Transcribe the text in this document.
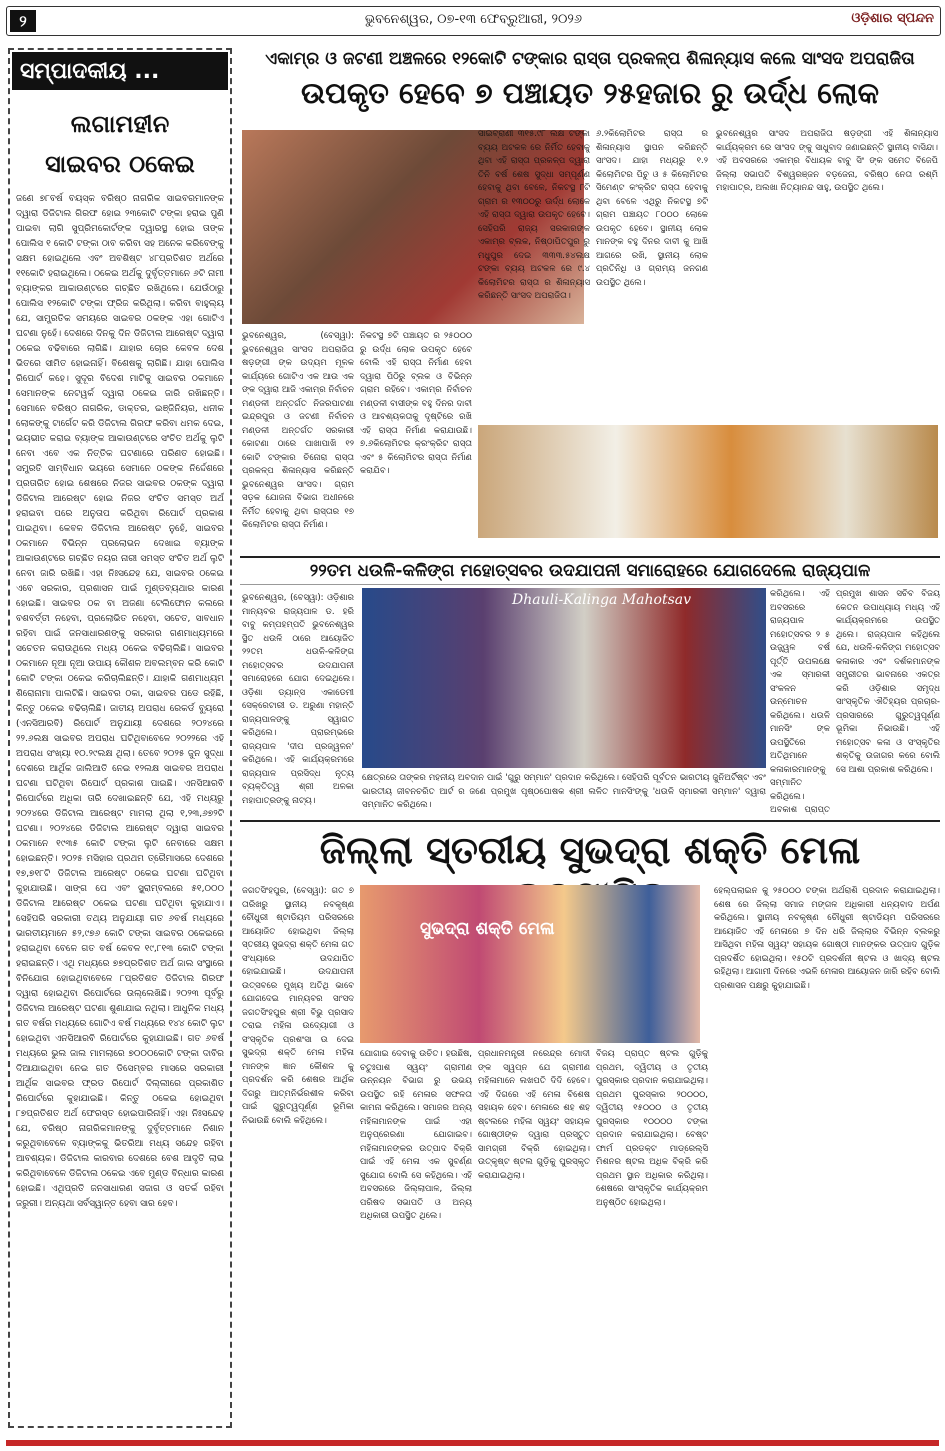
୨	ଭୁବନେଶ୍ୱର, ୦୭-୧୩ ଫେବ୍ରୁଆରୀ, ୨୦୨୬	ଓଡ଼ିଶାର ସ୍ପନ୍ଦନ
ସମ୍ପାଦକୀୟ ...
ଲଗାମହୀନ
ସାଇବର ଠକେଇ
ଜଣେ ୭୮ବର୍ଷ ବୟସ୍କ ବରିଷ୍ଠ ନାଗରିକ ସାଇବରମାନଙ୍କ ଦ୍ୱାରା ଡିଜିଟାଲ ଗିରଫ ହୋଇ ୨୩କୋଟି ଟଙ୍କା ହରାଇ ପୁଣି ପାଇବା ଲାଗି ସୁପ୍ରିମକୋର୍ଟଙ୍କ ଦ୍ୱାରସ୍ଥ ହୋଇ ତାଙ୍କ ପୋଲିସ ୧ କୋଟି ଟଙ୍କା ଠାବ କରିବା ସହ ଅନେକ କରିବେଙ୍କୁ ସକ୍ଷମ ହୋଇଥିଲେ ଏବଂ ଅବଶିଷ୍ଟ ୪୮ପ୍ରତିଶତ ଅର୍ଥରେ ୧୧କୋଟି ହରାଇଥିଲେ। ଠକେଇ ଅର୍ଥକୁ ଦୁର୍ବୃତ୍ତମାନେ ୬ଟି ନାମୀ ବ୍ୟାଙ୍କର ଆକାଉଣ୍ଟରେ ଗଚ୍ଛିତ ରଖିଥିଲେ। ଯେଉଁଠାରୁ ପୋଲିସ ୧୨କୋଟି ଟଙ୍କା ଫ୍ରିଜ କରିଥିଲା। କରିବା ବାହୁଲ୍ୟ ଯେ, ସାମ୍ପ୍ରତିକ ସମୟରେ ସାଇବର ଠକଙ୍କ ଏହା ଗୋଟିଏ ଘଟଣା ନୁହେଁ। ଦେଶରେ ଦିନକୁ ଦିନ ଡିଜିଟାଲ ଆରେଷ୍ଟ ଦ୍ୱାରା ଠକେଇ ବଢିବାରେ ଲାଗିଛି। ଯାହାର ଚୋର କେବଳ ଦେଶ ଭିତରେ ସୀମିତ ହୋଇନାହିଁ। ବିଶେଷକୁ ଲାଗିଛି। ଯାହା ପୋଲିସ ରିପୋର୍ଟ କହେ। ସୁଦୂର ବିଦେଶ ମାଟିକୁ ସାଇବର ଠକମାନେ ସେମାନଙ୍କ ନେଟୱର୍କ ଦ୍ୱାରା ଠକେଇ ଜାରି ରଖିଛନ୍ତି। ସେମାନେ ବରିଷ୍ଠ ନାଗରିକ, ଡାକ୍ତର, ଇଞ୍ଜିନିୟର, ଧନୀକ ଲୋକଙ୍କୁ ଟାର୍ଗେଟ କରି ଡିଜିଟାଲ ଗିରଫ କରିବା ଧମକ ଦେଇ, ଭୟଭୀତ କରାଇ ବ୍ୟାଙ୍କ ଆକାଉଣ୍ଟରେ ସଂଚିତ ଅର୍ଥକୁ ଲୁଟି ନେବା ଏବେ ଏକ ନିତ୍ତିକ ଘଟଣାରେ ପରିଣତ ହୋଇଛି। ସମ୍ପ୍ରତି ସାମ୍ବିଧାନ ଭୟରେ ସେମାନେ ଠକଙ୍କ ନିର୍ଦ୍ଦେଶରେ ପ୍ରତାରିତ ହୋଇ ଶେଷରେ ନିଜର ସାଇବର ଠକଙ୍କ ଦ୍ୱାରା ଡିଜିଟାଲ ଆରେଷ୍ଟ ହୋଇ ନିଜର ସଂଚିତ ସମସ୍ତ ଅର୍ଥ ହରାଇବା ପରେ ଅନୁତାପ କରିଥିବା ରିପୋର୍ଟ ପ୍ରକାଶ ପାଇଥିବା। କେବଳ ଡିଜିଟାଲ ଆରେଷ୍ଟ ନୁହେଁ, ସାଇବର ଠକମାନେ ବିଭିନ୍ନ ପ୍ରଲୋଭନ ଦେଖାଇ ବ୍ୟାଙ୍କ ଆକାଉଣ୍ଟରେ ଗଚ୍ଛିତ ନୟର ନାରୀ ସମସ୍ତ ସଂଚିତ ଅର୍ଥ ଲୁଟି ନେବା ଜାରି ରଖିଛି। ଏହା ନିଃସନ୍ଦେହ ଯେ, ସାଇବର ଠକେଇ ଏବେ ସରକାର, ପ୍ରଶାସନ ପାଇଁ ମୁଣ୍ଡବ୍ୟଥାର କାରଣ ହୋଇଛି। ସାଇବର ଠକ ବା ଅଜଣା ଟେଲିଫୋନ କଲରେ ବଶବର୍ତ୍ତୀ ନହେବା, ପ୍ରଲୋଭିତ ନହେବା, ସଚେତ, ସାବଧାନ ରହିବା ପାଇଁ ଜନସାଧାରଣଙ୍କୁ ସରକାର ଗଣମାଧ୍ୟମରେ ସଚେତନ କରାଉଥିଲେ ମଧ୍ୟ ଠକେଇ ବଢିଚାଲିଛି। ସାଇବର ଠକମାନେ ନୂଆ ନୂଆ ଉପାୟ କୌଶଳ ଅବଲମ୍ବନ କରି କୋଟି କୋଟି ଟଙ୍କା ଠକେଇ କରିଚାଲିଛନ୍ତି। ଯାହାକି ଗଣମାଧ୍ୟମ ଶିରୋନାମା ପାଲଟିଛି। ସାଇବର ଠକା, ସାଇବର ପଡେ ରହିଛି, କିନ୍ତୁ ଠକେଇ ବଢିଚାଲିଛି। ଜାତୀୟ ଅପରାଧ ରେକର୍ଡ ବ୍ୟୁରୋ (ଏନସିଆରବି) ରିପୋର୍ଟ ଅନୁଯାୟୀ ଦେଶରେ ୨୦୨୪ରେ ୨୨.୬ଲକ୍ଷ ସାଇବର ଅପରାଧ ଘଟିଥିବାବେଳେ ୨୦୨୨ରେ ଏହି ଅପରାଧ ସଂଖ୍ୟା ୧୦.୨୯ଲକ୍ଷ ଥିଲା। ତେବେ ୨୦୨୫ ଜୁନ ସୁଦ୍ଧା ଦେଶରେ ଆର୍ଥିକ ଜାଲିଆତି ନେଇ ୧୨ଲକ୍ଷ ସାଇବର ଅପରାଧ ଘଟଣା ଘଟିଥିବା ରିପୋର୍ଟ ପ୍ରକାଶ ପାଇଛି। ଏନସିଆରବି ରିପୋର୍ଟରେ ଅଧିକା ତାରି ଦେଖାଇଛନ୍ତି ଯେ, ଏହି ମଧ୍ୟରୁ ୨୦୨୪ରେ ଡିଜିଟାଲ ଆରେଷ୍ଟ ମାମଲା ଥିଲା ୧,୨୩,୬୭୨ଟି ଘଟଣା। ୨୦୨୪ରେ ଡିଜିଟାଲ ଆରେଷ୍ଟ ଦ୍ୱାରା ସାଇବର ଠକମାନେ ୧୯୩୫ କୋଟି ଟଙ୍କା ଲୁଟି ନେବାରେ ସକ୍ଷମ ହୋଇଛନ୍ତି। ୨୦୨୫ ମସିହାର ପ୍ରଥମ ତ୍ରୈମାସରେ ଦେଶରେ ୧୭,୭୧୮ଟି ଡିଜିଟାଲ ଆରେଷ୍ଟ ଠକେଇ ଘଟଣା ଘଟିଥିବା କୁହାଯାଉଛି। ସାଙ୍ଗ ପେ ଏବଂ ସ୍କ୍ରାମ୍ବଲରେ ୫୧,୦୦୦ ଡିଜିଟାଲ ଆରେଷ୍ଟ ଠକେଇ ଘଟଣା ଘଟିଥିବା କୁହାଯାଏ। ସେହିପରି ସରକାରୀ ତଥ୍ୟ ଅନୁଯାୟୀ ଗତ ୬ବର୍ଷ ମଧ୍ୟରେ ଭାରତୀୟମାନେ ୫୨,୯୭୬ କୋଟି ଟଙ୍କା ସାଇବର ଠକେଇରେ ହରାଇଥିବା ବେଳେ ଗତ ବର୍ଷ କେବଳ ୧୯,୮୧୩ କୋଟି ଟଙ୍କା ହରାଇଛନ୍ତି। ଏଥି ମଧ୍ୟରେ ୭୭ପ୍ରତିଶତ ଅର୍ଥ ଜାଲ ସଂସ୍ଥାରେ ବିନିଯୋଗ ହୋଇଥିବାବେଳେ ୮ପ୍ରତିଶତ ଡିଜିଟାଲ ଗିରଫ ଦ୍ୱାରା ହୋଇଥିବା ରିପୋର୍ଟରେ ଉଲ୍ଲେଖିଛି। ୨୦୨୩ ପୂର୍ବରୁ ଡିଜିଟାଲ ଆରେଷ୍ଟ ଘଟଣା ଶୁଣାଯାଇ ନଥିଲା। ଆଧୁନିକ ମଧ୍ୟ ଗତ ବର୍ଷର ମଧ୍ୟରେ ଗୋଟିଏ ବର୍ଷ ମଧ୍ୟରେ ୧୪୪ କୋଟି ଲୁଟ ହୋଇଥିବା ଏନସିଆରବି ରିପୋର୍ଟରେ କୁହାଯାଇଛି। ଗତ ୬ବର୍ଷ ମଧ୍ୟରେ ଭୁଲ ଜାଲ ମାମଲାରେ ୭୦୦୦କୋଟି ଟଙ୍କା ଦାବିର ଦିଆଯାଇଥିବା ନେଇ ଗତ ଡିସେମ୍ବର ମାସରେ ସରକାରୀ ଆର୍ଥିକ ସାଇବର ଫ୍ରଡ ରିପୋର୍ଟ ଦିଲ୍ଲୀରେ ପ୍ରକାଶିତ ରିପୋର୍ଟରେ କୁହାଯାଇଛି। କିନ୍ତୁ ଠକେଇ ହୋଇଥିବା ୮୭ପ୍ରତିଶତ ଅର୍ଥ ଫେରସ୍ତ ହୋଇପାରିନାହିଁ। ଏହା ନିଃସନ୍ଦେହ ଯେ, ବରିଷ୍ଠ ନାଗରିକମାନଙ୍କୁ ଦୁର୍ବୃତ୍ତମାନେ ନିଶାନ କରୁଥିବାବେଳେ ବ୍ୟାଙ୍କକୁ ଭିତରିଆ ମଧ୍ୟ ସନ୍ଦେହ ରହିବା ଆବଶ୍ୟକ। ଡିଜିଟାଲ କାରବାର ଦେଶରେ ବେଶ ଆଦୃତି ଲାଭ କରିଥିବାବେଳେ ଡିଜିଟାଲ ଠକେଇ ଏବେ ମୁଣ୍ଡ ବିନ୍ଧାର କାରଣ ହୋଇଛି। ଏଥିପ୍ରତି ଜନସାଧାରଣ ସଜାଗ ଓ ସତର୍କ ରହିବା ଜରୁରୀ। ଅନ୍ୟଥା ସର୍ବସ୍ୱାନ୍ତ ହେବା ସାର ହେବ।
ଏକାମ୍ର ଓ ଜଟଣୀ ଅଞ୍ଚଳରେ ୧୨କୋଟି ଟଙ୍କାର ରାସ୍ତା ପ୍ରକଳ୍ପ ଶିଳାନ୍ୟାସ କଲେ ସାଂସଦ ଅପରାଜିତା
ଉପକୃତ ହେବେ ୭ ପଞ୍ଚାୟତ ୨୫ହଜାର ରୁ ଉର୍ଦ୍ଧ ଲୋକ
ଭୁବନେଶ୍ୱର, (ବେସ୍ୱା): ଭୁବନେଶ୍ୱର ସାଂସଦ ଅପରାଜିତା ଷଡ଼ଙ୍ଗୀ ଙ୍କ ଉଦ୍ୟମ ମୂଳକ କାର୍ଯ୍ୟରେ ଗୋଟିଏ ଏକ ଆଉ ଏକ ଙ୍କ ଦ୍ୱାରା ଆଜି ଏକାମ୍ର ନିର୍ବାଚନ ମଣ୍ଡଳୀ ଅନ୍ତର୍ଗତ ନିଜରପାଟଣା ଇନ୍ଦ୍ରପୁର ଓ ଜଟଣୀ ନିର୍ବାଚନ ମଣ୍ଡଳୀ ଅନ୍ତର୍ଗତ ସରକାରୀ କୋଟଣା ଠାରେ ପାଖାପାଖି ୧୨ କୋଟି ଟଙ୍କାର ଚିନୋରା ରାସ୍ତା ପ୍ରକଳ୍ପ ଶିଳାନ୍ୟାସ କରିଛନ୍ତି ଭୁବନେଶ୍ୱର ସାଂସଦ। ଗ୍ରାମ ସଡ଼କ ଯୋଜନା ବିଭାଗ ଅଧୀନରେ ନିର୍ମିତ ହେବାକୁ ଥିବା ରାସ୍ତାର ୧୭ କିଲୋମିଟର ରାସ୍ତା ନିର୍ମାଣ।
ନିକଟସ୍ଥ ୭ଟି ପଞ୍ଚାୟତ ର ୨୫୦୦୦ ରୁ ଉର୍ଦ୍ଧ ଲୋକ ଉପକୃତ ହେବେ ବୋଲି ଏହି ରାସ୍ତା ନିର୍ମାଣ ହେବା ଦ୍ୱାରା ପିଠିରୁ ବ୍ଲକ ଓ ବିଭିନ୍ନ ଗ୍ରାମ ରହିବେ। ଏକାମ୍ର ନିର୍ବାଚନ ମଣ୍ଡଳୀ ବାସୀଙ୍କ ବହୁ ଦିନର ଦାବୀ ଓ ଆବଶ୍ୟକତାକୁ ଦୃଷ୍ଟିରେ ରଖି ଏହି ରାସ୍ତା ନିର୍ମାଣ କରାଯାଉଛି। ୭.୬କିଲୋମିଟର କ୍ରଂକ୍ରିଟ ରାସ୍ତା ଏବଂ ୫ କିଲୋମିଟର ରାସ୍ତା ନିର୍ମାଣ କରାଯିବ।
ସାଇବ୍ରାଣୀ ୩୧୫.୯୮ ଲକ୍ଷ ଟଙ୍କା ବ୍ୟୟ ଅଟକଳ ରେ ନିର୍ମିତ ହେବାକୁ ଥିବା ଏହି ରାସ୍ତା ପ୍ରକଳ୍ପ ଦ୍ୱାରା ତିନି ବର୍ଷ ଶେଷ ସୁଦ୍ଧା ସମ୍ପୂର୍ଣ୍ଣ ହେବାକୁ ଥିବା ବେଳେ, ନିକଟସ୍ଥ ୮ଟି ଗ୍ରାମ ର ୧୩୦୦ରୁ ଊର୍ଦ୍ଧ ଲୋକେ ଏହି ରାସ୍ତା ଦ୍ୱାରା ଉପକୃତ ହେବେ। ସେହିପରି ରାଜ୍ୟ ସରକାରଙ୍କ ଏକାମ୍ର ବ୍ଲକ, ନିଷ୍ଠାପିତପୁର ରୁ ମଧୁପୁର ଦେଇ ୩୩୩.୫୪ଲକ୍ଷ ଟଙ୍କା ବ୍ୟୟ ଅଟକଳ ରେ ୯.୪ କିଲୋମିଟର ରାସ୍ତା ର ଶିଳାନ୍ୟାସ କରିଛନ୍ତି ସାଂସଦ ଅପରାଜିତା।
୬.୨କିଲୋମିଟର ରାସ୍ତା ର ଶିଳାନ୍ୟାସ ସ୍ଥାପନ କରିଛନ୍ତି ସାଂସଦ। ଯାହା ମଧ୍ୟରୁ ୧.୨ କିଲୋମିଟର ପିଚୁ ଓ ୫ କିଲୋମିଟର ସିମେଣ୍ଟ କଂକ୍ରିଟ ରାସ୍ତା ହେବାକୁ ଥିବା ବେଳେ ଏଥିରୁ ନିକଟସ୍ଥ ୭ଟି ଗ୍ରାମ ପଞ୍ଚାୟତ ୮୦୦୦ ଲୋକେ ଉପକୃତ ହେବେ। ସ୍ଥାନୀୟ ଲୋକ ମାନଙ୍କ ବହୁ ଦିନର ଦାବୀ କୁ ଆଖି ଆଗରେ ରଖି, ସ୍ଥାନୀୟ ଲୋକ ପ୍ରତିନିଧି ଓ ଗ୍ରାମ୍ୟ ଜନଗଣ ଉପସ୍ଥିତ ଥିଲେ।
ଭୁବନେଶ୍ୱର ସାଂସଦ ଅପରାଜିତା ଷଡ଼ଙ୍ଗୀ ଏହି ଶିଳାନ୍ୟାସ କାର୍ଯ୍ୟକ୍ରମ ରେ ସାଂସଦ ଙ୍କୁ ସାଧୁବାଦ ଜଣାଇଛନ୍ତି ସ୍ଥାନୀୟ ବାସିନ୍ଦା। ଏହି ଅବସରରେ ଏକାମ୍ର ବିଧାୟକ ବାବୁ ସିଂ ଙ୍କ ସମେତ ବିଜେପି ଜିଲ୍ଲା ସଭାପତି ବିଶ୍ୱରଞ୍ଜନ ବଡ଼ଜେନା, ବରିଷ୍ଠ ନେତା ରଶ୍ମି ମହାପାତ୍ର, ଅଲଖା ନିତ୍ୟାନନ୍ଦ ସାହୁ, ଉପସ୍ଥିତ ଥିଲେ।
୨୨ତମ ଧଉଳି-କଳିଙ୍ଗ ମହୋତ୍ସବର ଉଦଯାପନୀ ସମାରୋହରେ ଯୋଗଦେଲେ ରାଜ୍ୟପାଳ
ଭୁବନେଶ୍ୱର, (ବେସ୍ୱା): ଓଡ଼ିଶାର ମାନ୍ୟବର ରାଜ୍ୟପାଳ ଡ. ହରି ବାବୁ କମ୍ପହମ୍ପତି ଭୁବନେଶ୍ୱର ସ୍ଥିତ ଧଉଳି ଠାରେ ଆୟୋଜିତ ୨୨ତମ ଧଉଳି-କଳିଙ୍ଗ ମହୋତ୍ସବର ଉଦଯାପନୀ ସମାରୋହରେ ଯୋଗ ଦେଇଥିଲେ। ଓଡ଼ିଶା ଡ୍ୟାନ୍ସ ଏକାଡେମୀ ସେକ୍ରେଟାରୀ ଡ. ଅରୁଣା ମହାନ୍ତି ରାଜ୍ୟପାଳଙ୍କୁ ସ୍ୱାଗତ କରିଥିଲେ। ପ୍ରାରମ୍ଭରେ ରାଜ୍ୟପାଳ 'ଦୀପ ପ୍ରଜ୍ୱଳନ' କରିଥିଲେ। ଏହି କାର୍ଯ୍ୟକ୍ରମରେ ରାଜ୍ୟପାଳ ପ୍ରସିଦ୍ଧ ନୃତ୍ୟ ବ୍ୟକ୍ତିତ୍ୱ ଶ୍ରୀ ଅଳକା ମହାପାତ୍ରଙ୍କୁ ନାଟ୍ୟ।
Dhauli-Kalinga Mahotsav
କ୍ଷେତ୍ରରେ ତାଙ୍କର ମହନୀୟ ଅବଦାନ ପାଇଁ 'ଗୁରୁ ସମ୍ମାନ' ପ୍ରଦାନ କରିଥିଲେ। ସେହିପରି ପୂର୍ବତନ ଭାରତୀୟ ଜୁନିଅର୍ଟିଷ୍ଟ ଏବଂ ଭାରତୀୟ ଜୀବନଚରିତ ଆର୍ଟ ର ଜଣେ ପ୍ରମୁଖ ପୃଷ୍ଠପୋଷକ ଶ୍ରୀ ଲଳିତ ମାନସିଂଙ୍କୁ 'ଧଉଳି ସ୍ମାରକୀ ସମ୍ମାନ' ଦ୍ୱାରା ସମ୍ମାନିତ କରିଥିଲେ।
କରିଥିଲେ। ଏହି ଅବସରରେ ରାଜ୍ୟପାଳ ମହୋତ୍ସବର ୨ ୫ ଉଜ୍ଜ୍ୱଳ ବର୍ଷ ପୂର୍ତ୍ତି ଉପଲକ୍ଷେ ଏକ ସ୍ମାରକୀ ସଂକଳନ ଉନ୍ମୋଚନ କରିଥିଲେ। ଧଉଳି ମାନସିଂ ଙ୍କ ଉପସ୍ଥିତିରେ ଅତିଥିମାନେ କଳାକାରମାନଙ୍କୁ ସମ୍ମାନିତ କରିଥିଲେ। ଅବକାଶ ପ୍ରାପ୍ତ
ପ୍ରମୁଖ ଶାସନ ସଚିବ ବିଜୟ କେତନ ଉପାଧ୍ୟାୟ ମଧ୍ୟ ଏହି କାର୍ଯ୍ୟକ୍ରମରେ ଉପସ୍ଥିତ ଥିଲେ। ରାଜ୍ୟପାଳ କହିଥିଲେ ଯେ, ଧଉଳି-କଳିଙ୍ଗ ମହୋତ୍ସବ କଳାକାର ଏବଂ ଦର୍ଶକମାନଙ୍କ ସମ୍ପ୍ରୀତର ଭାବନାରେ ଏକତ୍ର କରି ଓଡ଼ିଶାର ସମୃଦ୍ଧ ସାଂସ୍କୃତିକ ଐତିହ୍ୟର ପ୍ରଚାର-ପ୍ରସାରରେ ଗୁରୁତ୍ୱପୂର୍ଣ୍ଣ ଭୂମିକା ନିଭାଉଛି। ଏହି ମହୋତ୍ସବ କଳା ଓ ସଂସ୍କୃତିର ଶକ୍ତିକୁ ଉଜାଗର କରେ ବୋଲି ସେ ଆଶା ପ୍ରକାଶ କରିଥିଲେ।
ଜିଲ୍ଲା ସ୍ତରୀୟ ସୁଭଦ୍ରା ଶକ୍ତି ମେଳା
ଜଗତସିଂହପୁର, (ବେସ୍ୱା): ଗତ ୭ ତାରିଖରୁ ସ୍ଥାନୀୟ ନବକୃଷ୍ଣ ଚୌଧୁରୀ ଷ୍ଟାଡିୟମ ପରିସରରେ ଆୟୋଜିତ ହୋଇଥିବା ଜିଲ୍ଲା ସ୍ତରୀୟ ସୁଭଦ୍ରା ଶକ୍ତି ମେଳା ଗତ ସଂଧ୍ୟାରେ ଉଦଯାପିତ ହୋଇଯାଇଛି। ଉଦଯାପନୀ ଉତ୍ସବରେ ମୁଖ୍ୟ ଅତିଥି ଭାବେ ଯୋଗଦେଇ ମାନ୍ୟବର ସାଂସଦ ଜଗତସିଂହପୁର ଶ୍ରୀ ବିଭୁ ପ୍ରସାଦ ତରାଇ ମହିଳା ଉଦ୍ୟୋଗୀ ଓ ସଂସ୍କୃତିକ ପ୍ରଶଂସା ଉ ଦେଇ ସୁଭଦ୍ରା ଶକ୍ତି ମେଳା ମହିଳା ମାନଙ୍କ ଜ୍ଞାନ କୌଶଳ କୁ ପ୍ରଦର୍ଶନ କରି ଶେଷର ଆର୍ଥିକ ଦିଗରୁ ଆତ୍ମନିର୍ଭରଶୀଳ କରିବା ପାଇଁ ଗୁରୁତ୍ୱପୂର୍ଣ୍ଣ ଭୂମିକା ନିଭାଉଛି ବୋଲି କହିଥିଲେ।
ସୁଭଦ୍ରା ଶକ୍ତି ମେଳା
ଯୋଗାଇ ଦେବାକୁ ଉଚିତ। ହଉଛିଷ, ଚତୁଃପାଶ ସ୍ୱୟଂ ଗ୍ରାମୀଣ ଉନ୍ନୟନ ବିଭାଗ ରୁ ଉଭୟ ଉପସ୍ଥିତ ରହି ମେଳାର ସଫଳତା କାମନା କରିଥିଲେ। ସମାଜର ଅନ୍ୟ ମହିଳାମାନଙ୍କ ପାଇଁ ଏହା ଅନୁପ୍ରେରଣା ଯୋଗାଇବ। ମହିଳାମାନଙ୍କର ଉତ୍ପାଦ ବିକ୍ରି ପାଇଁ ଏହି ମେଳା ଏକ ସୁବର୍ଣ୍ଣ ସୁଯୋଗ ବୋଲି ସେ କହିଥିଲେ। ଏହି ଅବସରରେ ଜିଲ୍ଲାପାଳ, ଜିଲ୍ଲା ପରିଷଦ ସଭାପତି ଓ ଅନ୍ୟ ଅଧିକାରୀ ଉପସ୍ଥିତ ଥିଲେ।
ପ୍ରଧାନମନ୍ତ୍ରୀ ନରେନ୍ଦ୍ର ମୋଦୀ ଙ୍କ ସ୍ୱପ୍ନ ଯେ ଗ୍ରାମୀଣ ମହିଳାମାନେ ଲଖପତି ଦିଦି ହେବେ। ଏହି ଦିଗରେ ଏହି ମେଳା ବିଶେଷ ସହାୟକ ହେବ। ମେଳାରେ ଶହ ଶହ ଷ୍ଟଲରେ ମହିଳା ସ୍ୱୟଂ ସହାୟକ ଗୋଷ୍ଠୀଙ୍କ ଦ୍ୱାରା ପ୍ରସ୍ତୁତ ସାମଗ୍ରୀ ବିକ୍ରି ହୋଇଥିଲା। ଉତ୍କୃଷ୍ଟ ଷ୍ଟଲ ଗୁଡ଼ିକୁ ପୁରସ୍କୃତ କରାଯାଇଥିଲା।
ବିଜୟ ପ୍ରାପ୍ତ ଷ୍ଟଲ ଗୁଡ଼ିକୁ ପ୍ରଥମ, ଦ୍ୱିତୀୟ ଓ ତୃତୀୟ ପୁରସ୍କାର ପ୍ରଦାନ କରାଯାଇଥିଲା। ପ୍ରଥମ ପୁରସ୍କାର ୨୦୦୦୦, ଦ୍ୱିତୀୟ ୧୫୦୦୦ ଓ ତୃତୀୟ ପୁରସ୍କାର ୧୦୦୦୦ ଟଙ୍କା ପ୍ରଦାନ କରାଯାଇଥିଲା। ବେଷ୍ଟ ଫାର୍ମ ପ୍ରଡକ୍ଟ ମାଡ୍ରେଲ୍ସି ମିଶନର ଷ୍ଟଲ ଅଧିକ ବିକ୍ରି କରି ପ୍ରଥମ ସ୍ଥାନ ଅଧିକାର କରିଥିଲା। ଶେଷରେ ସାଂସ୍କୃତିକ କାର୍ଯ୍ୟକ୍ରମ ଅନୁଷ୍ଠିତ ହୋଇଥିଲା।
ହେଲ୍ପଲାଇନ କୁ ୨୫୦୦୦ ଟଙ୍କା ଅର୍ଥରାଶି ପ୍ରଦାନ କରାଯାଇଥିଲା। ଶେଷ ରେ ଜିଲ୍ଲା ସମାଜ ମଙ୍ଗଳ ଅଧିକାରୀ ଧନ୍ୟବାଦ ଅର୍ପଣ କରିଥିଲେ। ସ୍ଥାନୀୟ ନବକୃଷ୍ଣ ଚୌଧୁରୀ ଷ୍ଟାଡିୟମ ପରିସରରେ ଆୟୋଜିତ ଏହି ମେଳାରେ ୭ ଦିନ ଧରି ଜିଲ୍ଲାର ବିଭିନ୍ନ ବ୍ଲକରୁ ଆସିଥିବା ମହିଳା ସ୍ୱୟଂ ସହାୟକ ଗୋଷ୍ଠୀ ମାନଙ୍କର ଉତ୍ପାଦ ଗୁଡ଼ିକ ପ୍ରଦର୍ଶିତ ହୋଇଥିଲା। ୧୫୦ଟି ପ୍ରଦର୍ଶନୀ ଷ୍ଟଲ ଓ ଖାଦ୍ୟ ଷ୍ଟଲ ରହିଥିଲା। ଆଗାମୀ ଦିନରେ ଏଭଳି ମେଳାର ଆୟୋଜନ ଜାରି ରହିବ ବୋଲି ପ୍ରଶାସନ ପକ୍ଷରୁ କୁହାଯାଇଛି।
